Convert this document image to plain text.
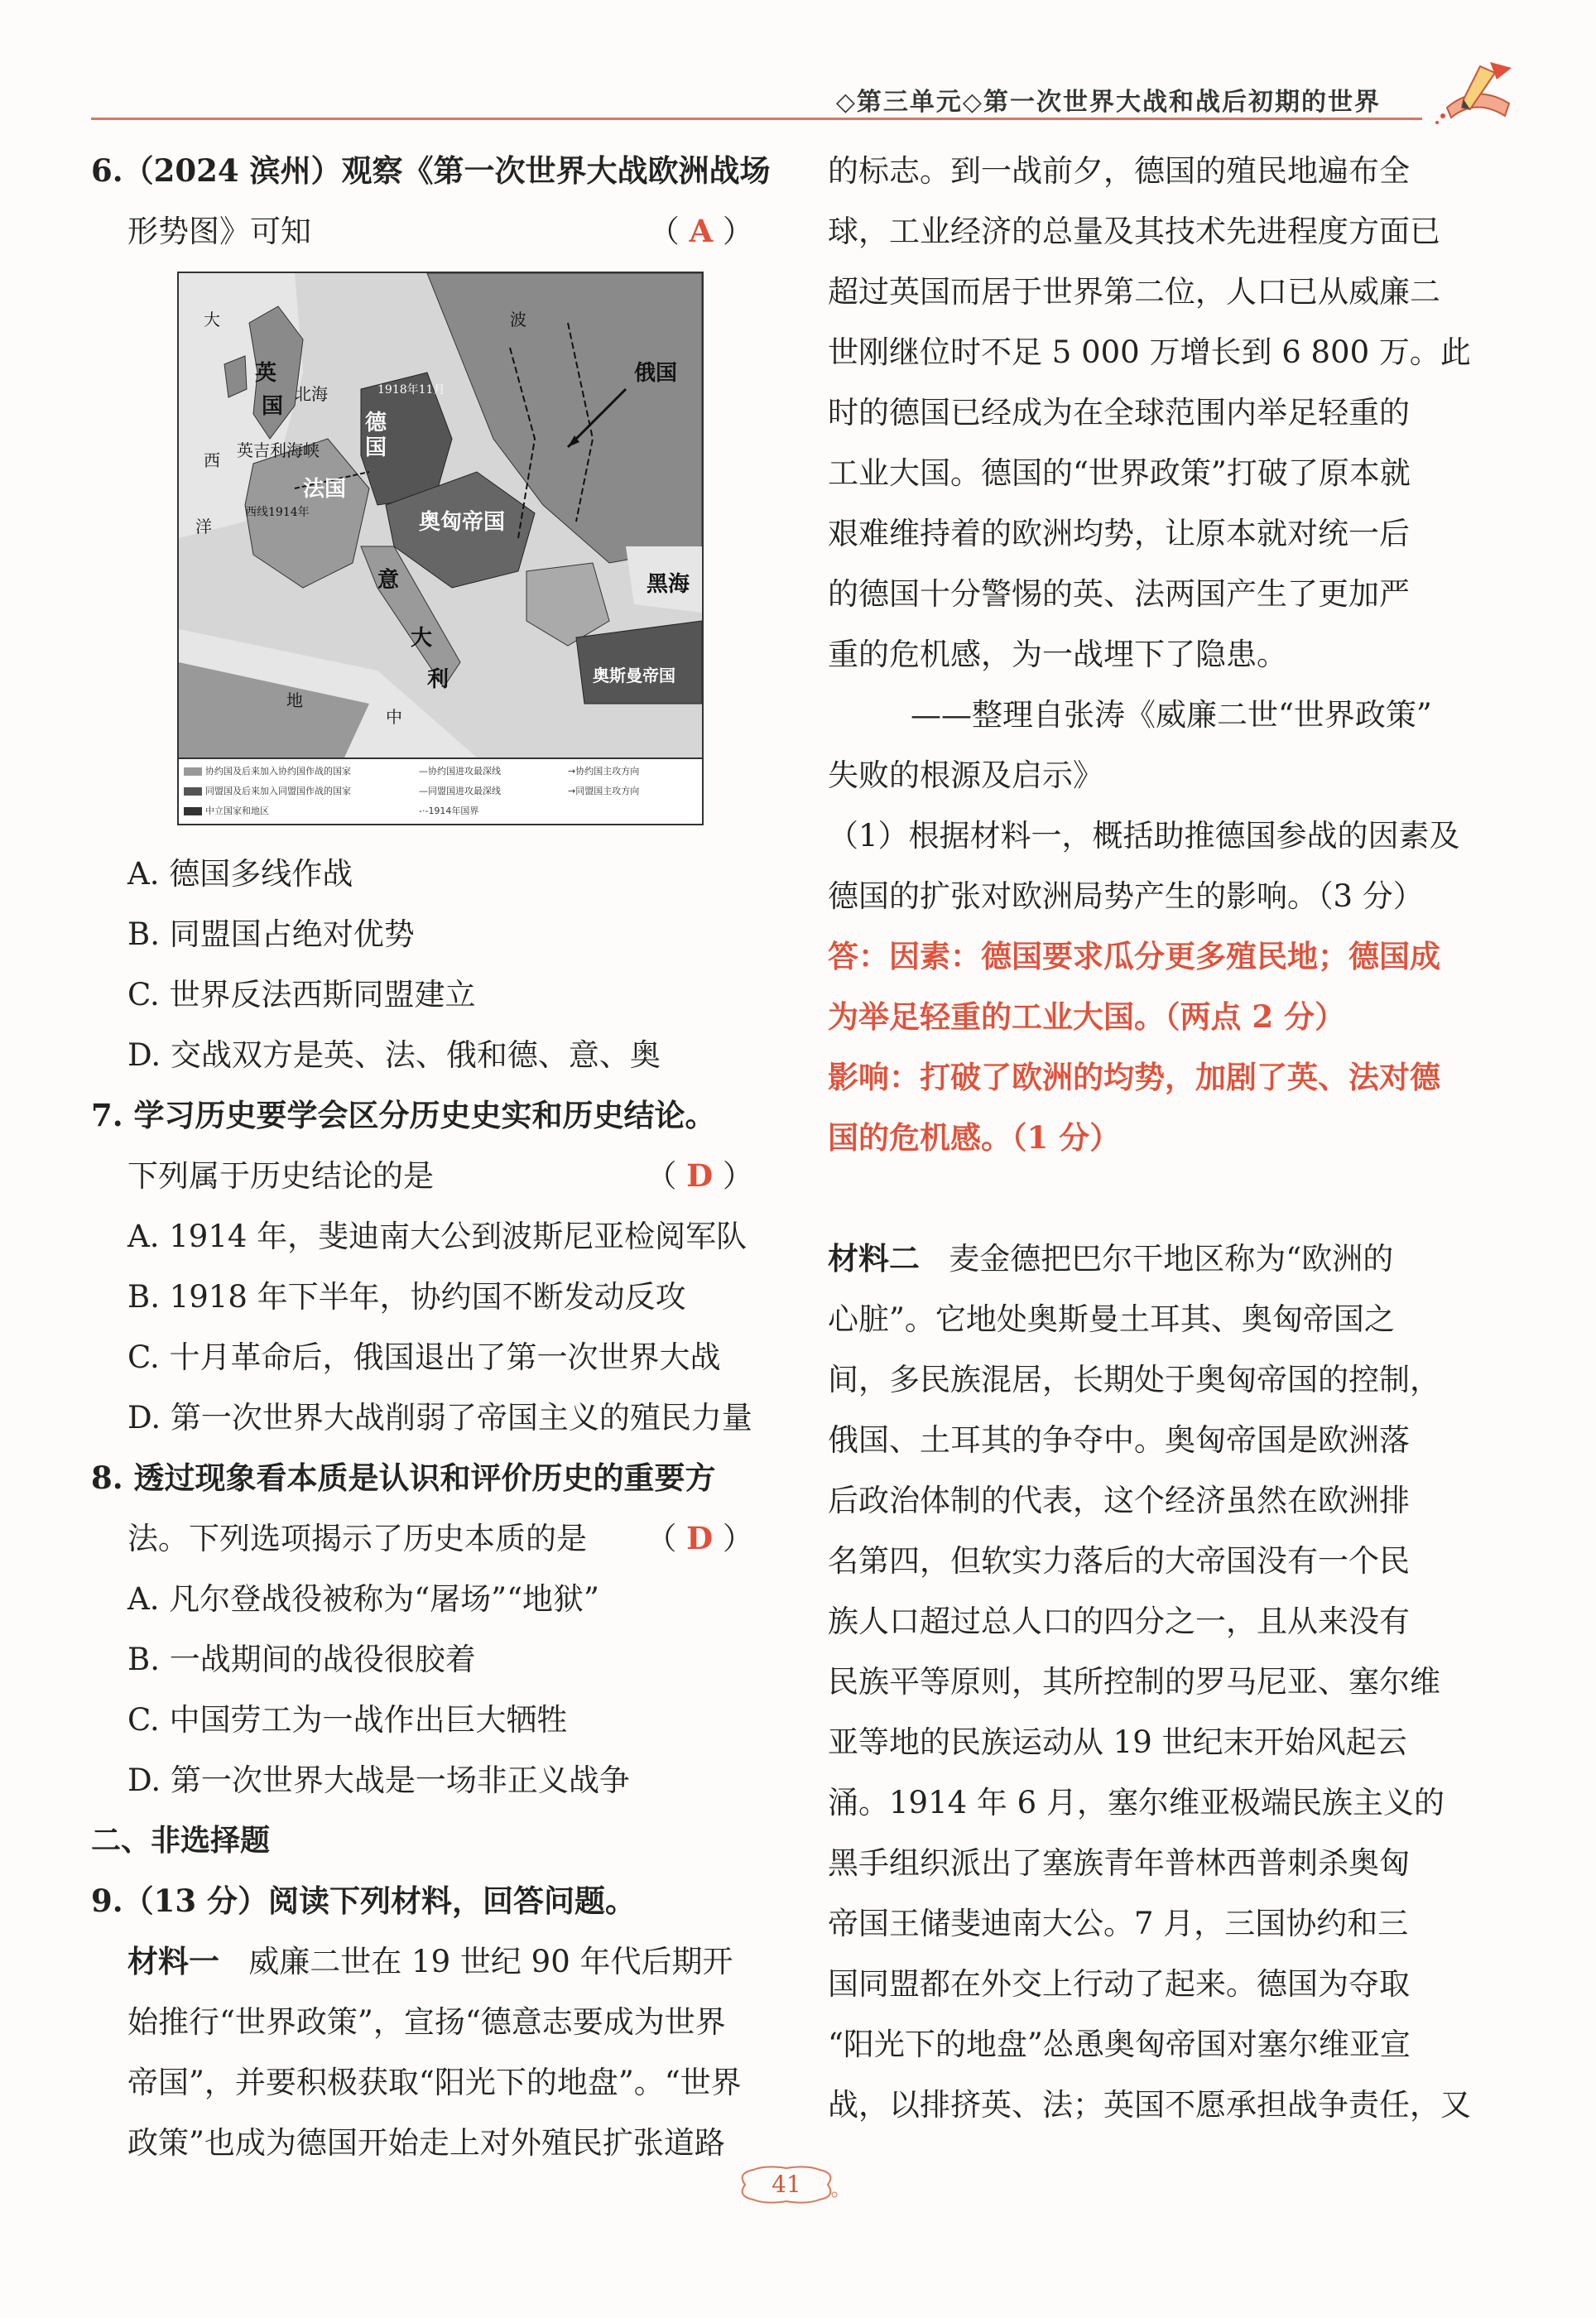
◇第三单元◇第一次世界大战和战后初期的世界
6.（2024 滨州）观察《第一次世界大战欧洲战场
形势图》可知	（ A ）
大
西
洋
北海
英
国
英吉利海峡
法国
西线1914年
德
国
1918年11月
奥匈帝国
俄国
波
意
大
利
黑海
地
中
奥斯曼帝国
协约国及后来加入协约国作战的国家
同盟国及后来加入同盟国作战的国家
中立国家和地区
—协约国进攻最深线
—同盟国进攻最深线
-·-1914年国界
→协约国主攻方向
→同盟国主攻方向
A. 德国多线作战
B. 同盟国占绝对优势
C. 世界反法西斯同盟建立
D. 交战双方是英、法、俄和德、意、奥
7. 学习历史要学会区分历史史实和历史结论。
下列属于历史结论的是	（ D ）
A. 1914 年，斐迪南大公到波斯尼亚检阅军队
B. 1918 年下半年，协约国不断发动反攻
C. 十月革命后，俄国退出了第一次世界大战
D. 第一次世界大战削弱了帝国主义的殖民力量
8. 透过现象看本质是认识和评价历史的重要方
法。下列选项揭示了历史本质的是 （ D ）
A. 凡尔登战役被称为“屠场”“地狱”
B. 一战期间的战役很胶着
C. 中国劳工为一战作出巨大牺牲
D. 第一次世界大战是一场非正义战争
二、非选择题
9.（13 分）阅读下列材料，回答问题。
材料一 威廉二世在 19 世纪 90 年代后期开
始推行“世界政策”，宣扬“德意志要成为世界
帝国”，并要积极获取“阳光下的地盘”。“世界
政策”也成为德国开始走上对外殖民扩张道路
的标志。到一战前夕，德国的殖民地遍布全
球，工业经济的总量及其技术先进程度方面已
超过英国而居于世界第二位，人口已从威廉二
世刚继位时不足 5 000 万增长到 6 800 万。此
时的德国已经成为在全球范围内举足轻重的
工业大国。德国的“世界政策”打破了原本就
艰难维持着的欧洲均势，让原本就对统一后
的德国十分警惕的英、法两国产生了更加严
重的危机感，为一战埋下了隐患。
——整理自张涛《威廉二世“世界政策”
失败的根源及启示》
（1）根据材料一，概括助推德国参战的因素及
德国的扩张对欧洲局势产生的影响。（3 分）
答：因素：德国要求瓜分更多殖民地；德国成
为举足轻重的工业大国。（两点 2 分）
影响：打破了欧洲的均势，加剧了英、法对德
国的危机感。（1 分）
材料二 麦金德把巴尔干地区称为“欧洲的
心脏”。它地处奥斯曼土耳其、奥匈帝国之
间，多民族混居，长期处于奥匈帝国的控制，
俄国、土耳其的争夺中。奥匈帝国是欧洲落
后政治体制的代表，这个经济虽然在欧洲排
名第四，但软实力落后的大帝国没有一个民
族人口超过总人口的四分之一，且从来没有
民族平等原则，其所控制的罗马尼亚、塞尔维
亚等地的民族运动从 19 世纪末开始风起云
涌。1914 年 6 月，塞尔维亚极端民族主义的
黑手组织派出了塞族青年普林西普刺杀奥匈
帝国王储斐迪南大公。7 月，三国协约和三
国同盟都在外交上行动了起来。德国为夺取
“阳光下的地盘”怂恿奥匈帝国对塞尔维亚宣
战，以排挤英、法；英国不愿承担战争责任，又
41
